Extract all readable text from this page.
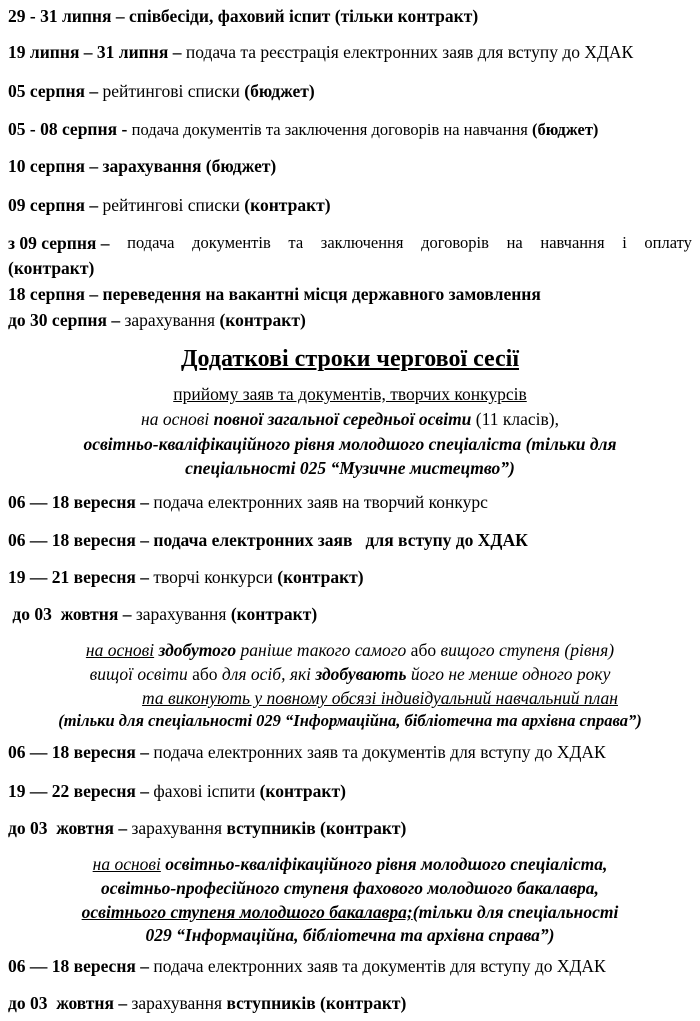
29 - 31 липня – співбесіди, фаховий іспит (тільки контракт)
19 липня – 31 липня – подача та реєстрація електронних заяв для вступу до ХДАК
05 серпня – рейтингові списки (бюджет)
05 - 08 серпня - подача документів та заключення договорів на навчання (бюджет)
10 серпня – зарахування (бюджет)
09 серпня – рейтингові списки (контракт)
з 09 серпня – подача документів та заключення договорів на навчання і оплату
(контракт)
18 серпня – переведення на вакантні місця державного замовлення
до 30 серпня – зарахування (контракт)
Додаткові строки чергової сесії
прийому заяв та документів, творчих конкурсів
на основі повної загальної середньої освіти (11 класів),
освітньо-кваліфікаційного рівня молодшого спеціаліста (тільки для
спеціальності 025 “Музичне мистецтво”)
06 — 18 вересня – подача електронних заяв на творчий конкурс
06 — 18 вересня – подача електронних заяв   для вступу до ХДАК
19 — 21 вересня – творчі конкурси (контракт)
до 03  жовтня – зарахування (контракт)
на основі здобутого раніше такого самого або вищого ступеня (рівня)
вищої освіти або для осіб, які здобувають його не менше одного року
та виконують у повному обсязі індивідуальний навчальний план
(тільки для спеціальності 029 “Інформаційна, бібліотечна та архівна справа”)
06 — 18 вересня – подача електронних заяв та документів для вступу до ХДАК
19 — 22 вересня – фахові іспити (контракт)
до 03  жовтня – зарахування вступників (контракт)
на основі освітньо-кваліфікаційного рівня молодшого спеціаліста,
освітньо-професійного ступеня фахового молодшого бакалавра,
освітнього ступеня молодшого бакалавра;(тільки для спеціальності
029 “Інформаційна, бібліотечна та архівна справа”)
06 — 18 вересня – подача електронних заяв та документів для вступу до ХДАК
до 03  жовтня – зарахування вступників (контракт)
